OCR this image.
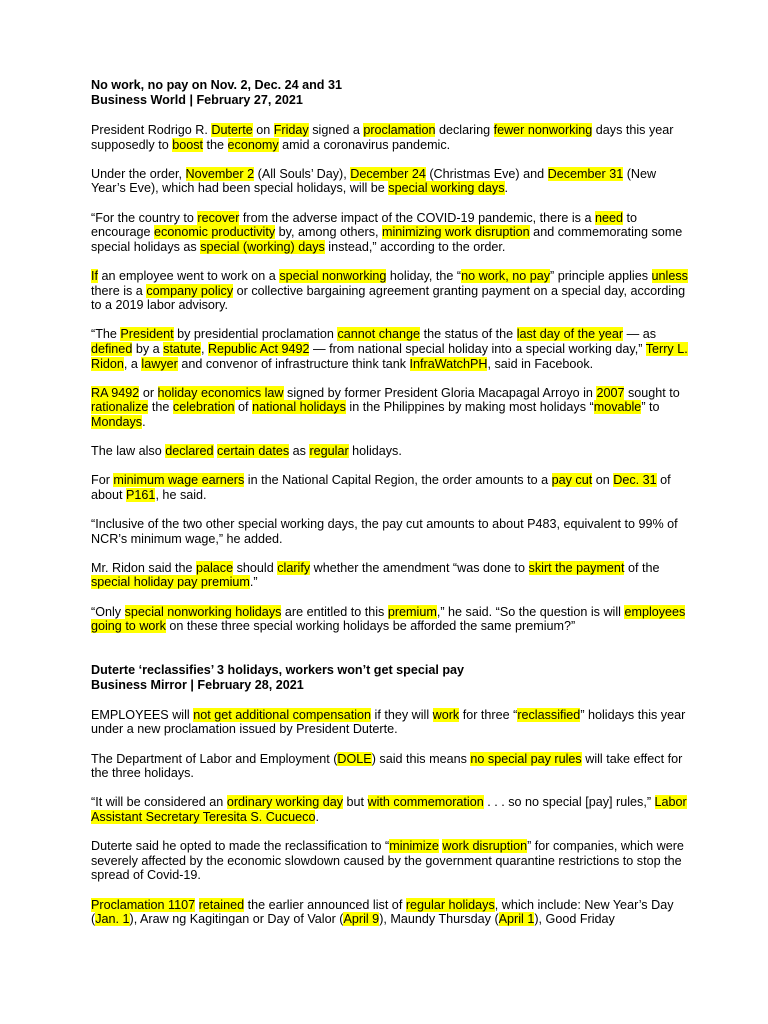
No work, no pay on Nov. 2, Dec. 24 and 31

Business World | February 27, 2021

President Rodrigo R. Duterte on Friday signed a proclamation declaring fewer nonworking days this year supposedly to boost the economy amid a coronavirus pandemic.

Under the order, November 2 (All Souls’ Day), December 24 (Christmas Eve) and December 31 (New Year’s Eve), which had been special holidays, will be special working days.

“For the country to recover from the adverse impact of the COVID-19 pandemic, there is a need to encourage economic productivity by, among others, minimizing work disruption and commemorating some special holidays as special (working) days instead,” according to the order.

If an employee went to work on a special nonworking holiday, the “no work, no pay” principle applies unless there is a company policy or collective bargaining agreement granting payment on a special day, according to a 2019 labor advisory.

“The President by presidential proclamation cannot change the status of the last day of the year — as defined by a statute, Republic Act 9492 — from national special holiday into a special working day,” Terry L. Ridon, a lawyer and convenor of infrastructure think tank InfraWatchPH, said in Facebook.

RA 9492 or holiday economics law signed by former President Gloria Macapagal Arroyo in 2007 sought to rationalize the celebration of national holidays in the Philippines by making most holidays “movable” to Mondays.

The law also declared certain dates as regular holidays.

For minimum wage earners in the National Capital Region, the order amounts to a pay cut on Dec. 31 of about P161, he said.

“Inclusive of the two other special working days, the pay cut amounts to about P483, equivalent to 99% of NCR’s minimum wage,” he added.

Mr. Ridon said the palace should clarify whether the amendment “was done to skirt the payment of the special holiday pay premium.”

“Only special nonworking holidays are entitled to this premium,” he said. “So the question is will employees going to work on these three special working holidays be afforded the same premium?”

Duterte ‘reclassifies’ 3 holidays, workers won’t get special pay

Business Mirror | February 28, 2021

EMPLOYEES will not get additional compensation if they will work for three “reclassified” holidays this year under a new proclamation issued by President Duterte.

The Department of Labor and Employment (DOLE) said this means no special pay rules will take effect for the three holidays.

“It will be considered an ordinary working day but with commemoration . . . so no special [pay] rules,” Labor Assistant Secretary Teresita S. Cucueco.

Duterte said he opted to made the reclassification to “minimize work disruption” for companies, which were severely affected by the economic slowdown caused by the government quarantine restrictions to stop the spread of Covid-19.

Proclamation 1107 retained the earlier announced list of regular holidays, which include: New Year’s Day (Jan. 1), Araw ng Kagitingan or Day of Valor (April 9), Maundy Thursday (April 1), Good Friday
